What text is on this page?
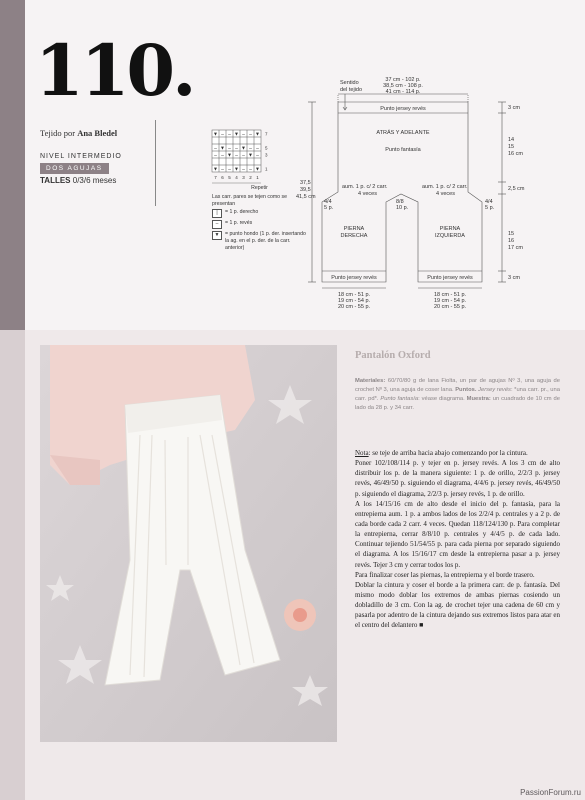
110.
Tejido por Ana Bledel
NIVEL INTERMEDIO
DOS AGUJAS
TALLES 0/3/6 meses
▼ – – ▼ – – ▼
– ▼ – – ▼ – –
– – ▼ – – ▼ –
▼ – – ▼ – – ▼
7
5
3
1
7 6 5 4 3 2 1
Repetir
Las carr. pares se tejen como se presentan
|	= 1 p. derecho
–	= 1 p. revés
▼	= punto hondo (1 p. der. insertando la ag. en el p. der. de la carr. anterior)
Sentido
del tejido
37 cm - 102 p.
38,5 cm - 108 p.
41 cm - 114 p.
Punto jersey revés
ATRÁS Y ADELANTE
Punto fantasía
3 cm
14
15
16 cm
2,5 cm
37,5
39,5
41,5 cm
aum. 1 p. c/ 2 carr.
4 veces
aum. 1 p. c/ 2 carr.
4 veces
4/4
5 p.
4/4
5 p.
8/8
10 p.
PIERNA
DERECHA
PIERNA
IZQUIERDA	15
16
17 cm
Punto jersey revés	Punto jersey revés	3 cm
18 cm - 51 p.
19 cm - 54 p.
20 cm - 55 p.
18 cm - 51 p.
19 cm - 54 p.
20 cm - 55 p.
Pantalón Oxford
Materiales: 60/70/80 g de lana Fiolta, un par de agujas Nº 3, una aguja de crochet Nº 3, una aguja de coser lana. Puntos. Jersey revés: *una carr. pr., una carr. pd*. Punto fantasía: véase diagrama. Muestra: un cuadrado de 10 cm de lado da 28 p. y 34 carr.

Nota: se teje de arriba hacia abajo comenzando por la cintura.

Poner 102/108/114 p. y tejer en p. jersey revés. A los 3 cm de alto distribuir los p. de la manera siguiente: 1 p. de orillo, 2/2/3 p. jersey revés, 46/49/50 p. siguiendo el diagrama, 4/4/6 p. jersey revés, 46/49/50 p. siguiendo el diagrama, 2/2/3 p. jersey revés, 1 p. de orillo.

A los 14/15/16 cm de alto desde el inicio del p. fantasía, para la entrepierna aum. 1 p. a ambos lados de los 2/2/4 p. centrales y a 2 p. de cada borde cada 2 carr. 4 veces. Quedan 118/124/130 p. Para completar la entrepierna, cerrar 8/8/10 p. centrales y 4/4/5 p. de cada lado. Continuar tejiendo 51/54/55 p. para cada pierna por separado siguiendo el diagrama. A los 15/16/17 cm desde la entrepierna pasar a p. jersey revés. Tejer 3 cm y cerrar todos los p.

Para finalizar coser las piernas, la entrepierna y el borde trasero.

Doblar la cintura y coser el borde a la primera carr. de p. fantasía. Del mismo modo doblar los extremos de ambas piernas cosiendo un dobladillo de 3 cm. Con la ag. de crochet tejer una cadena de 60 cm y pasarla por adentro de la cintura dejando sus extremos listos para atar en el centro del delantero ■

PassionForum.ru
